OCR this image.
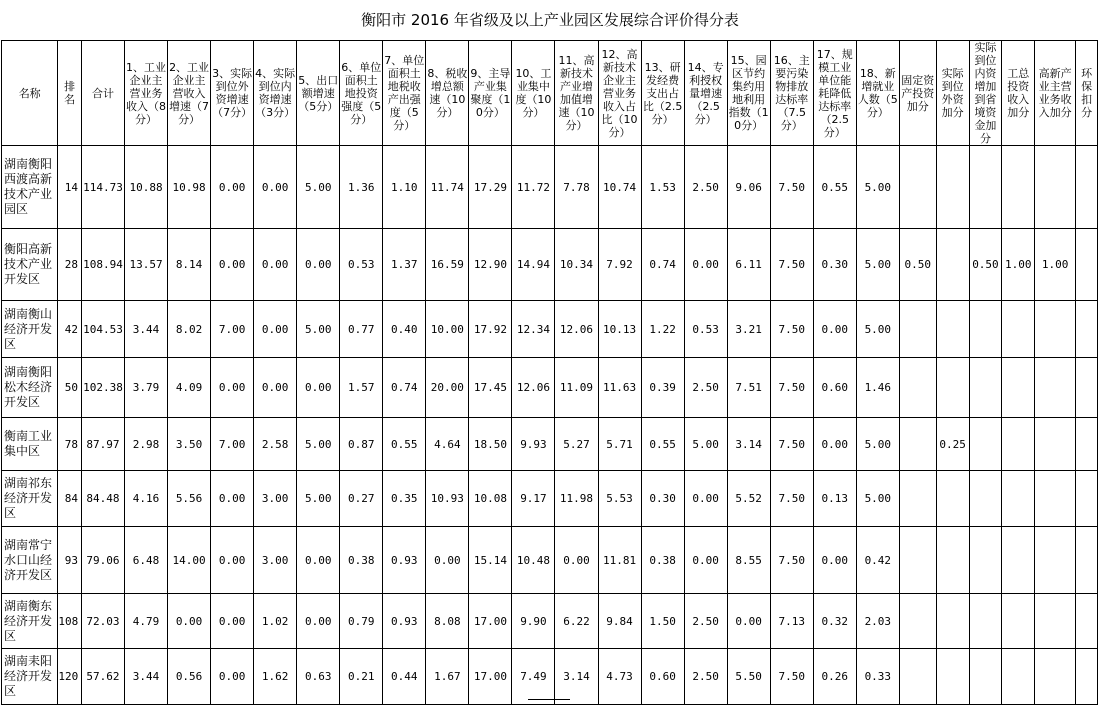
衡阳市 2016 年省级及以上产业园区发展综合评价得分表
名称	排名	合计	1、工业企业主营业务收入（8分）	2、工业企业主营收入增速（7分）	3、实际到位外资增速（7分）	4、实际到位内资增速（3分）	5、出口额增速（5分）	6、单位面积土地投资强度（5分）	7、单位面积土地税收产出强度（5分）	8、税收增总额速（10分）	9、主导产业集聚度（10分）	10、工业集中度（10分）	11、高新技术产业增加值增速（10分）	12、高新技术企业主营业务收入占比（10分）	13、研发经费支出占比（2.5分）	14、专利授权量增速（2.5分）	15、园区节约集约用地利用指数（10分）	16、主要污染物排放达标率（7.5分）	17、规模工业单位能耗降低达标率（2.5分）	18、新增就业人数（5分）	固定资产投资加分	实际到位外资加分	实际到位内资增加到省境资金加分	工总投资收入加分	高新产业主营业务收入加分	环保扣分
湖南衡阳西渡高新技术产业园区	14	114.73	10.88	10.98	0.00	0.00	5.00	1.36	1.10	11.74	17.29	11.72	7.78	10.74	1.53	2.50	9.06	7.50	0.55	5.00						
衡阳高新技术产业开发区	28	108.94	13.57	8.14	0.00	0.00	0.00	0.53	1.37	16.59	12.90	14.94	10.34	7.92	0.74	0.00	6.11	7.50	0.30	5.00	0.50		0.50	1.00	1.00	
湖南衡山经济开发区	42	104.53	3.44	8.02	7.00	0.00	5.00	0.77	0.40	10.00	17.92	12.34	12.06	10.13	1.22	0.53	3.21	7.50	0.00	5.00						
湖南衡阳松木经济开发区	50	102.38	3.79	4.09	0.00	0.00	0.00	1.57	0.74	20.00	17.45	12.06	11.09	11.63	0.39	2.50	7.51	7.50	0.60	1.46						
衡南工业集中区	78	87.97	2.98	3.50	7.00	2.58	5.00	0.87	0.55	4.64	18.50	9.93	5.27	5.71	0.55	5.00	3.14	7.50	0.00	5.00		0.25				
湖南祁东经济开发区	84	84.48	4.16	5.56	0.00	3.00	5.00	0.27	0.35	10.93	10.08	9.17	11.98	5.53	0.30	0.00	5.52	7.50	0.13	5.00						
湖南常宁水口山经济开发区	93	79.06	6.48	14.00	0.00	3.00	0.00	0.38	0.93	0.00	15.14	10.48	0.00	11.81	0.38	0.00	8.55	7.50	0.00	0.42						
湖南衡东经济开发区	108	72.03	4.79	0.00	0.00	1.02	0.00	0.79	0.93	8.08	17.00	9.90	6.22	9.84	1.50	2.50	0.00	7.13	0.32	2.03						
湖南耒阳经济开发区	120	57.62	3.44	0.56	0.00	1.62	0.63	0.21	0.44	1.67	17.00	7.49	3.14	4.73	0.60	2.50	5.50	7.50	0.26	0.33						
